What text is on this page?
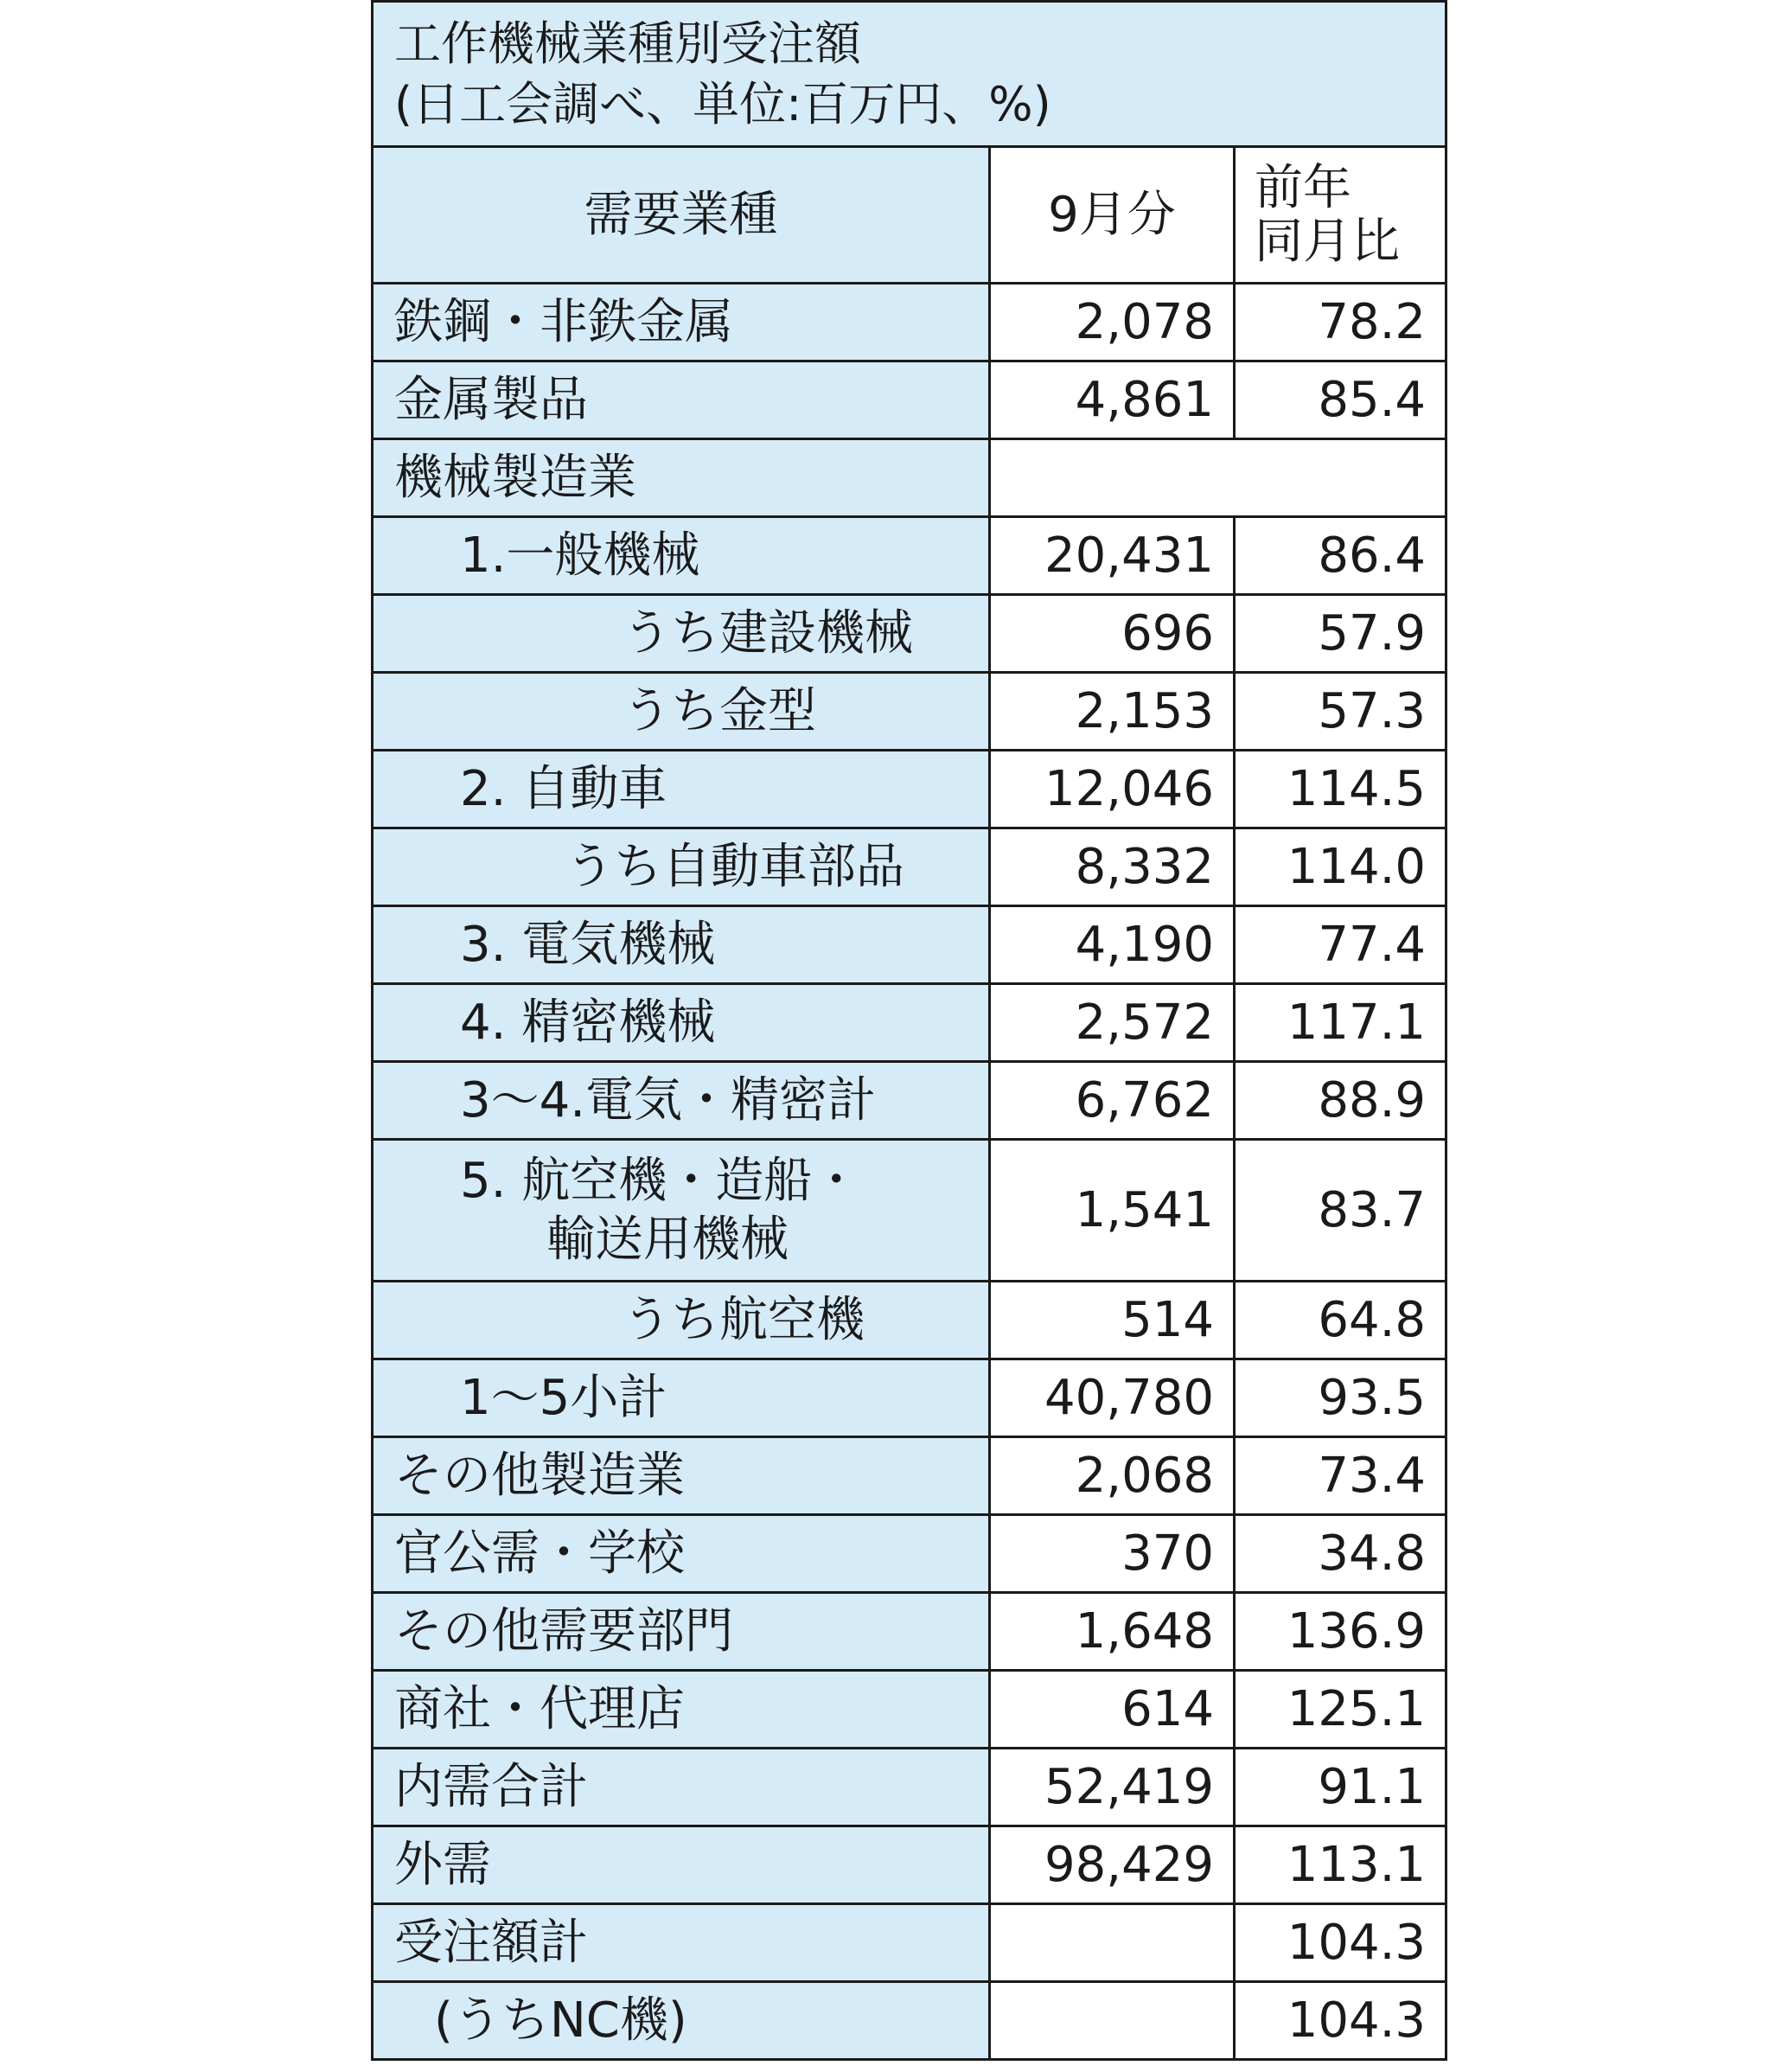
工作機械業種別受注額
(日工会調べ、単位:百万円、%)		

需要業種	9月分	前年
同月比

鉄鋼・非鉄金属	2,078	78.2
金属製品	4,861	85.4
機械製造業		
1.一般機械	20,431	86.4
うち建設機械	696	57.9
うち金型	2,153	57.3
2. 自動車	12,046	114.5
うち自動車部品	8,332	114.0
3. 電気機械	4,190	77.4
4. 精密機械	2,572	117.1
3〜4.電気・精密計	6,762	88.9

5. 航空機・造船・
輸送用機械	1,541	83.7
うち航空機	514	64.8
1〜5小計	40,780	93.5
その他製造業	2,068	73.4
官公需・学校	370	34.8
その他需要部門	1,648	136.9
商社・代理店	614	125.1
内需合計	52,419	91.1
外需	98,429	113.1
受注額計		104.3
(うちNC機)		104.3
